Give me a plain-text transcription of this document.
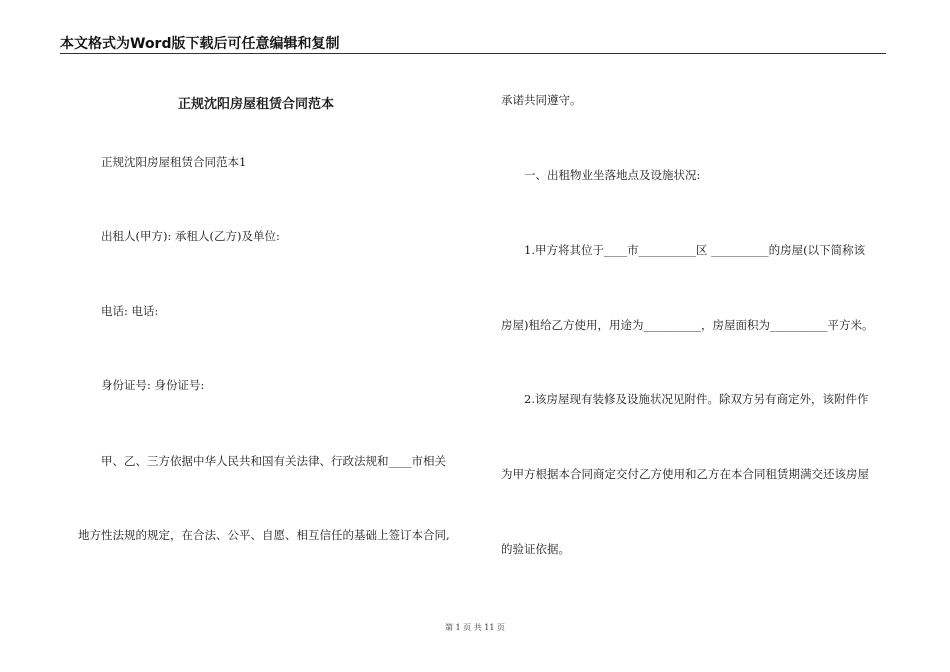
本文格式为Word版下载后可任意编辑和复制
正规沈阳房屋租赁合同范本
正规沈阳房屋租赁合同范本1
出租人(甲方): 承租人(乙方)及单位:
电话: 电话:
身份证号: 身份证号:
甲、乙、三方依据中华人民共和国有关法律、行政法规和____市相关
地方性法规的规定，在合法、公平、自愿、相互信任的基础上签订本合同,
承诺共同遵守。
一、出租物业坐落地点及设施状况:
1.甲方将其位于____市__________区 __________的房屋(以下简称该
房屋)租给乙方使用，用途为__________，房屋面积为__________平方米。
2.该房屋现有装修及设施状况见附件。除双方另有商定外，该附件作
为甲方根据本合同商定交付乙方使用和乙方在本合同租赁期满交还该房屋
的验证依据。
第 1 页 共 11 页
